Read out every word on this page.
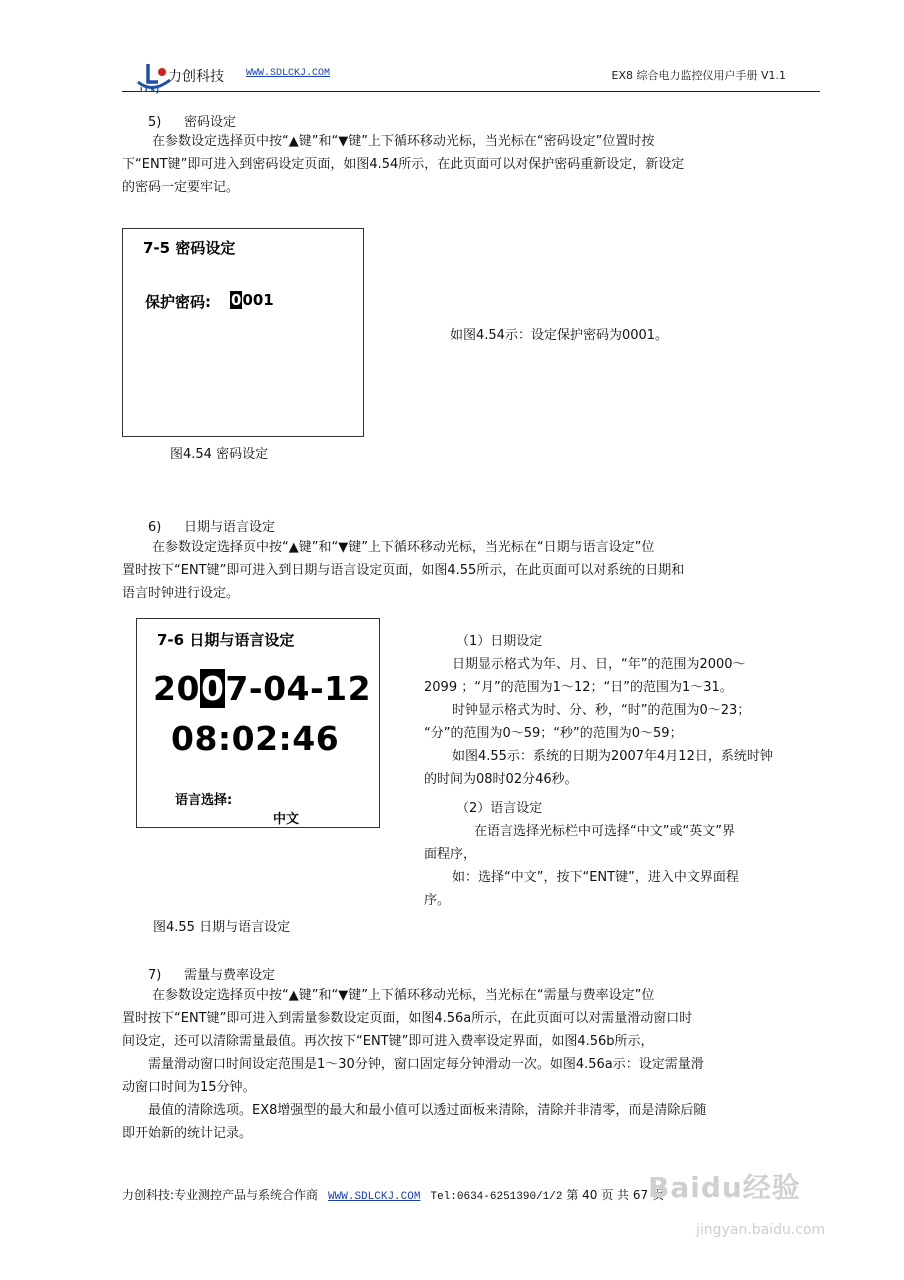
LCKJ
力创科技 WWW.SDLCKJ.COM	EX8 综合电力监控仪用户手册 V1.1
5) 密码设定
在参数设定选择页中按“▲键”和“▼键”上下循环移动光标，当光标在“密码设定”位置时按
下“ENT键”即可进入到密码设定页面，如图4.54所示，在此页面可以对保护密码重新设定，新设定
的密码一定要牢记。
7-5 密码设定
保护密码: 0001
如图4.54示：设定保护密码为0001。
图4.54 密码设定
6) 日期与语言设定
在参数设定选择页中按“▲键”和“▼键”上下循环移动光标，当光标在“日期与语言设定”位
置时按下“ENT键”即可进入到日期与语言设定页面，如图4.55所示，在此页面可以对系统的日期和
语言时钟进行设定。
7-6 日期与语言设定
2007-04-12
08:02:46
语言选择:
中文
（1）日期设定
日期显示格式为年、月、日，“年”的范围为2000～
2099 ；“月”的范围为1～12；“日”的范围为1～31。
时钟显示格式为时、分、秒，“时”的范围为0～23；
“分”的范围为0～59；“秒”的范围为0～59；
如图4.55示：系统的日期为2007年4月12日，系统时钟
的时间为08时02分46秒。
（2）语言设定
在语言选择光标栏中可选择“中文”或“英文”界
面程序，
如：选择“中文”，按下“ENT键”，进入中文界面程
序。
图4.55 日期与语言设定
7) 需量与费率设定
在参数设定选择页中按“▲键”和“▼键”上下循环移动光标，当光标在“需量与费率设定”位
置时按下“ENT键”即可进入到需量参数设定页面，如图4.56a所示，在此页面可以对需量滑动窗口时
间设定，还可以清除需量最值。再次按下“ENT键”即可进入费率设定界面，如图4.56b所示，
需量滑动窗口时间设定范围是1～30分钟，窗口固定每分钟滑动一次。如图4.56a示：设定需量滑
动窗口时间为15分钟。
最值的清除选项。EX8增强型的最大和最小值可以透过面板来清除，清除并非清零，而是清除后随
即开始新的统计记录。
力创科技:专业测控产品与系统合作商 WWW.SDLCKJ.COM Tel:0634-6251390/1/2 第 40 页 共 67 页
Baidu经验
jingyan.baidu.com
